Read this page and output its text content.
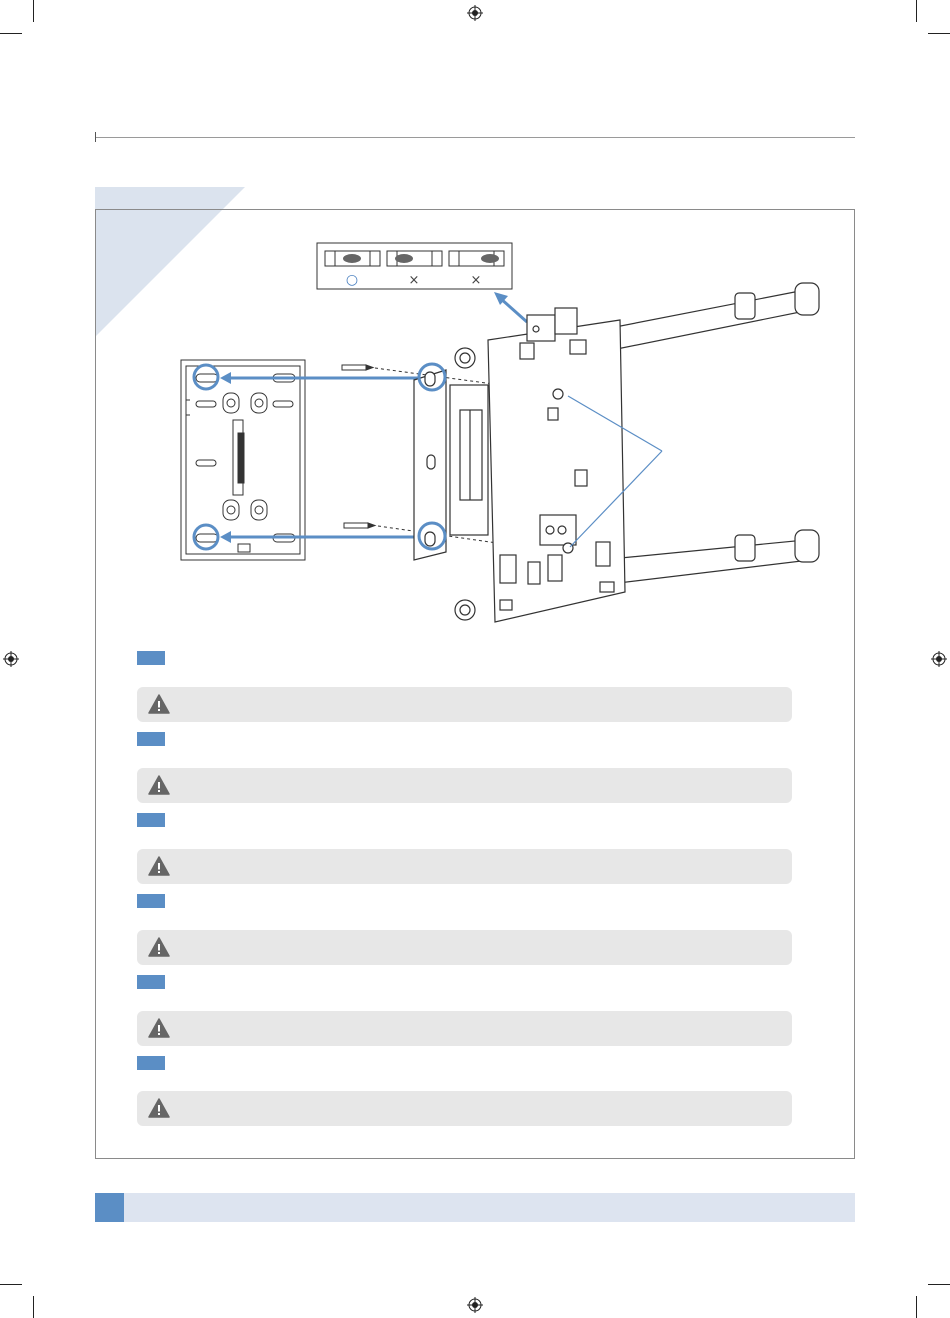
○	×	×
